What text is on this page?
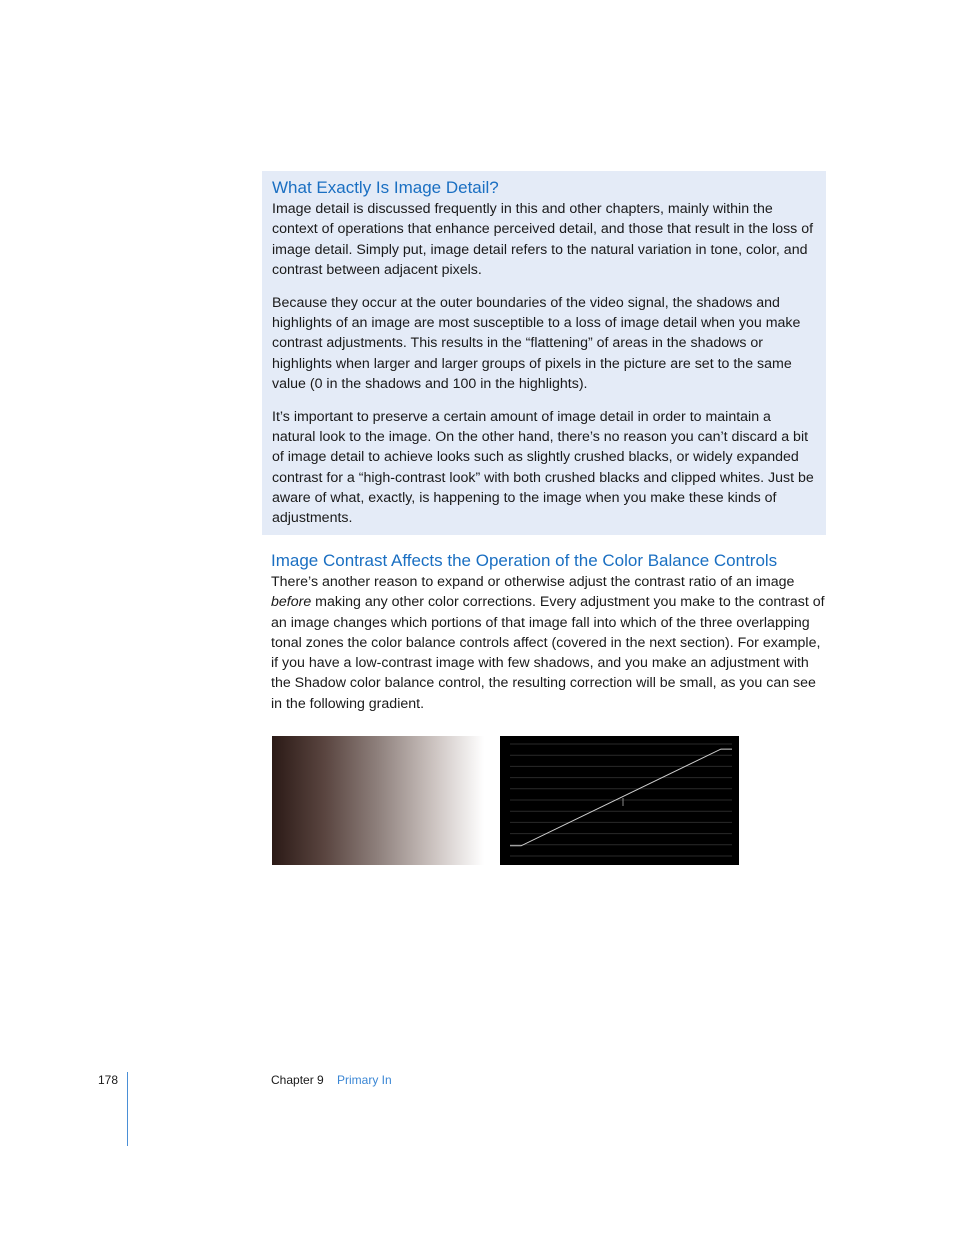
What Exactly Is Image Detail?

Image detail is discussed frequently in this and other chapters, mainly within the context of operations that enhance perceived detail, and those that result in the loss of image detail. Simply put, image detail refers to the natural variation in tone, color, and contrast between adjacent pixels.

Because they occur at the outer boundaries of the video signal, the shadows and highlights of an image are most susceptible to a loss of image detail when you make contrast adjustments. This results in the “flattening” of areas in the shadows or highlights when larger and larger groups of pixels in the picture are set to the same value (0 in the shadows and 100 in the highlights).

It’s important to preserve a certain amount of image detail in order to maintain a natural look to the image. On the other hand, there’s no reason you can’t discard a bit of image detail to achieve looks such as slightly crushed blacks, or widely expanded contrast for a “high-contrast look” with both crushed blacks and clipped whites. Just be aware of what, exactly, is happening to the image when you make these kinds of adjustments.

Image Contrast Affects the Operation of the Color Balance Controls

There’s another reason to expand or otherwise adjust the contrast ratio of an image before making any other color corrections. Every adjustment you make to the contrast of an image changes which portions of that image fall into which of the three overlapping tonal zones the color balance controls affect (covered in the next section). For example, if you have a low-contrast image with few shadows, and you make an adjustment with the Shadow color balance control, the resulting correction will be small, as you can see in the following gradient.

178	Chapter 9 Primary In
